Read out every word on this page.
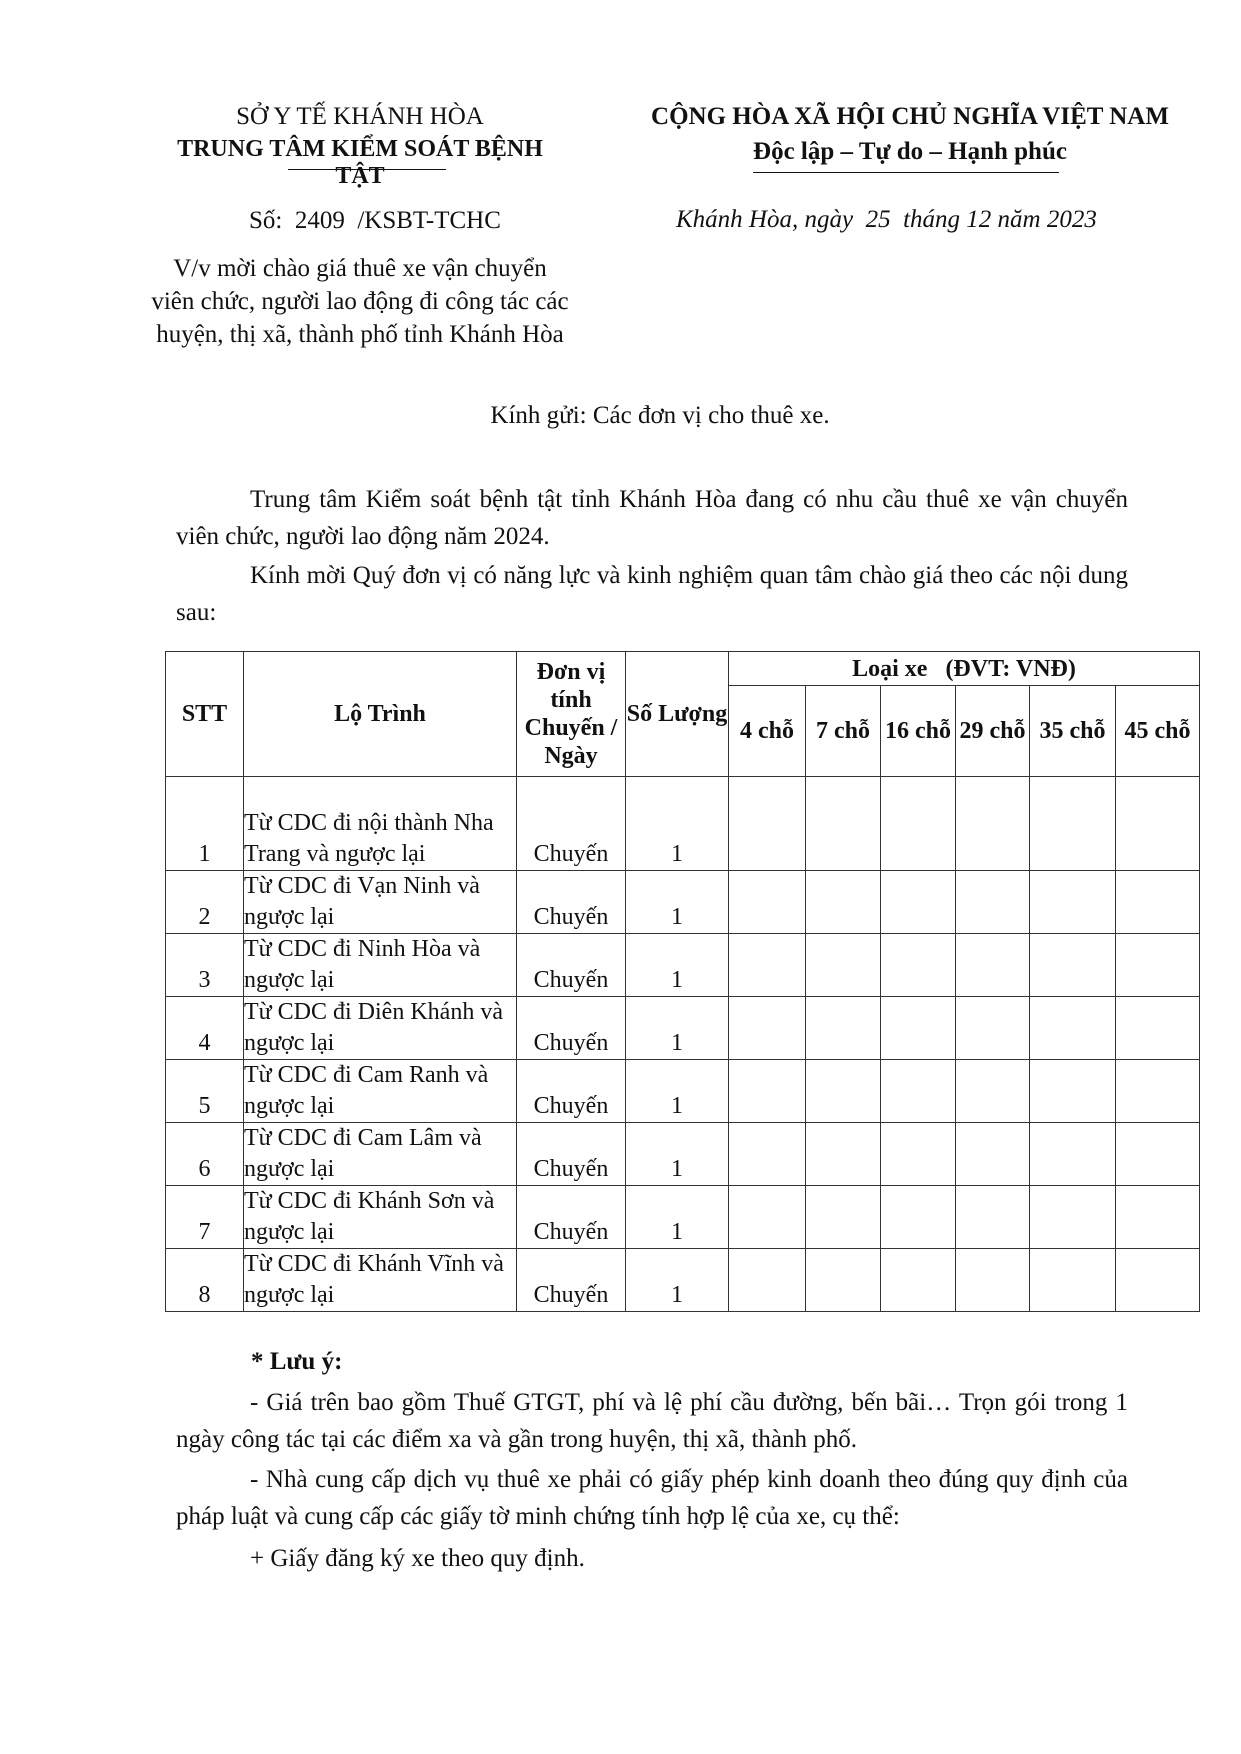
SỞ Y TẾ KHÁNH HÒA
TRUNG TÂM KIỂM SOÁT BỆNH TẬT
CỘNG HÒA XÃ HỘI CHỦ NGHĨA VIỆT NAM
Độc lập – Tự do – Hạnh phúc
Số:  2409  /KSBT-TCHC	Khánh Hòa, ngày  25  tháng 12 năm 2023
V/v mời chào giá thuê xe vận chuyển viên chức, người lao động đi công tác các huyện, thị xã, thành phố tỉnh Khánh Hòa
Kính gửi: Các đơn vị cho thuê xe.

Trung tâm Kiểm soát bệnh tật tỉnh Khánh Hòa đang có nhu cầu thuê xe vận chuyển viên chức, người lao động năm 2024.

Kính mời Quý đơn vị có năng lực và kinh nghiệm quan tâm chào giá theo các nội dung sau:

STT	Lộ Trình	Đơn vị tính Chuyến / Ngày	Số Lượng	Loại xe   (ĐVT: VNĐ)					
				4 chỗ	7 chỗ	16 chỗ	29 chỗ	35 chỗ	45 chỗ
1	Từ CDC đi nội thành Nha Trang và ngược lại	Chuyến	1						
2	Từ CDC đi Vạn Ninh và ngược lại	Chuyến	1						
3	Từ CDC đi Ninh Hòa và ngược lại	Chuyến	1						
4	Từ CDC đi Diên Khánh và ngược lại	Chuyến	1						
5	Từ CDC đi Cam Ranh và ngược lại	Chuyến	1						
6	Từ CDC đi Cam Lâm và ngược lại	Chuyến	1						
7	Từ CDC đi Khánh Sơn và ngược lại	Chuyến	1						
8	Từ CDC đi Khánh Vĩnh và ngược lại	Chuyến	1						
* Lưu ý:

- Giá trên bao gồm Thuế GTGT, phí và lệ phí cầu đường, bến bãi… Trọn gói trong 1 ngày công tác tại các điểm xa và gần trong huyện, thị xã, thành phố.

- Nhà cung cấp dịch vụ thuê xe phải có giấy phép kinh doanh theo đúng quy định của pháp luật và cung cấp các giấy tờ minh chứng tính hợp lệ của xe, cụ thể:

+ Giấy đăng ký xe theo quy định.
